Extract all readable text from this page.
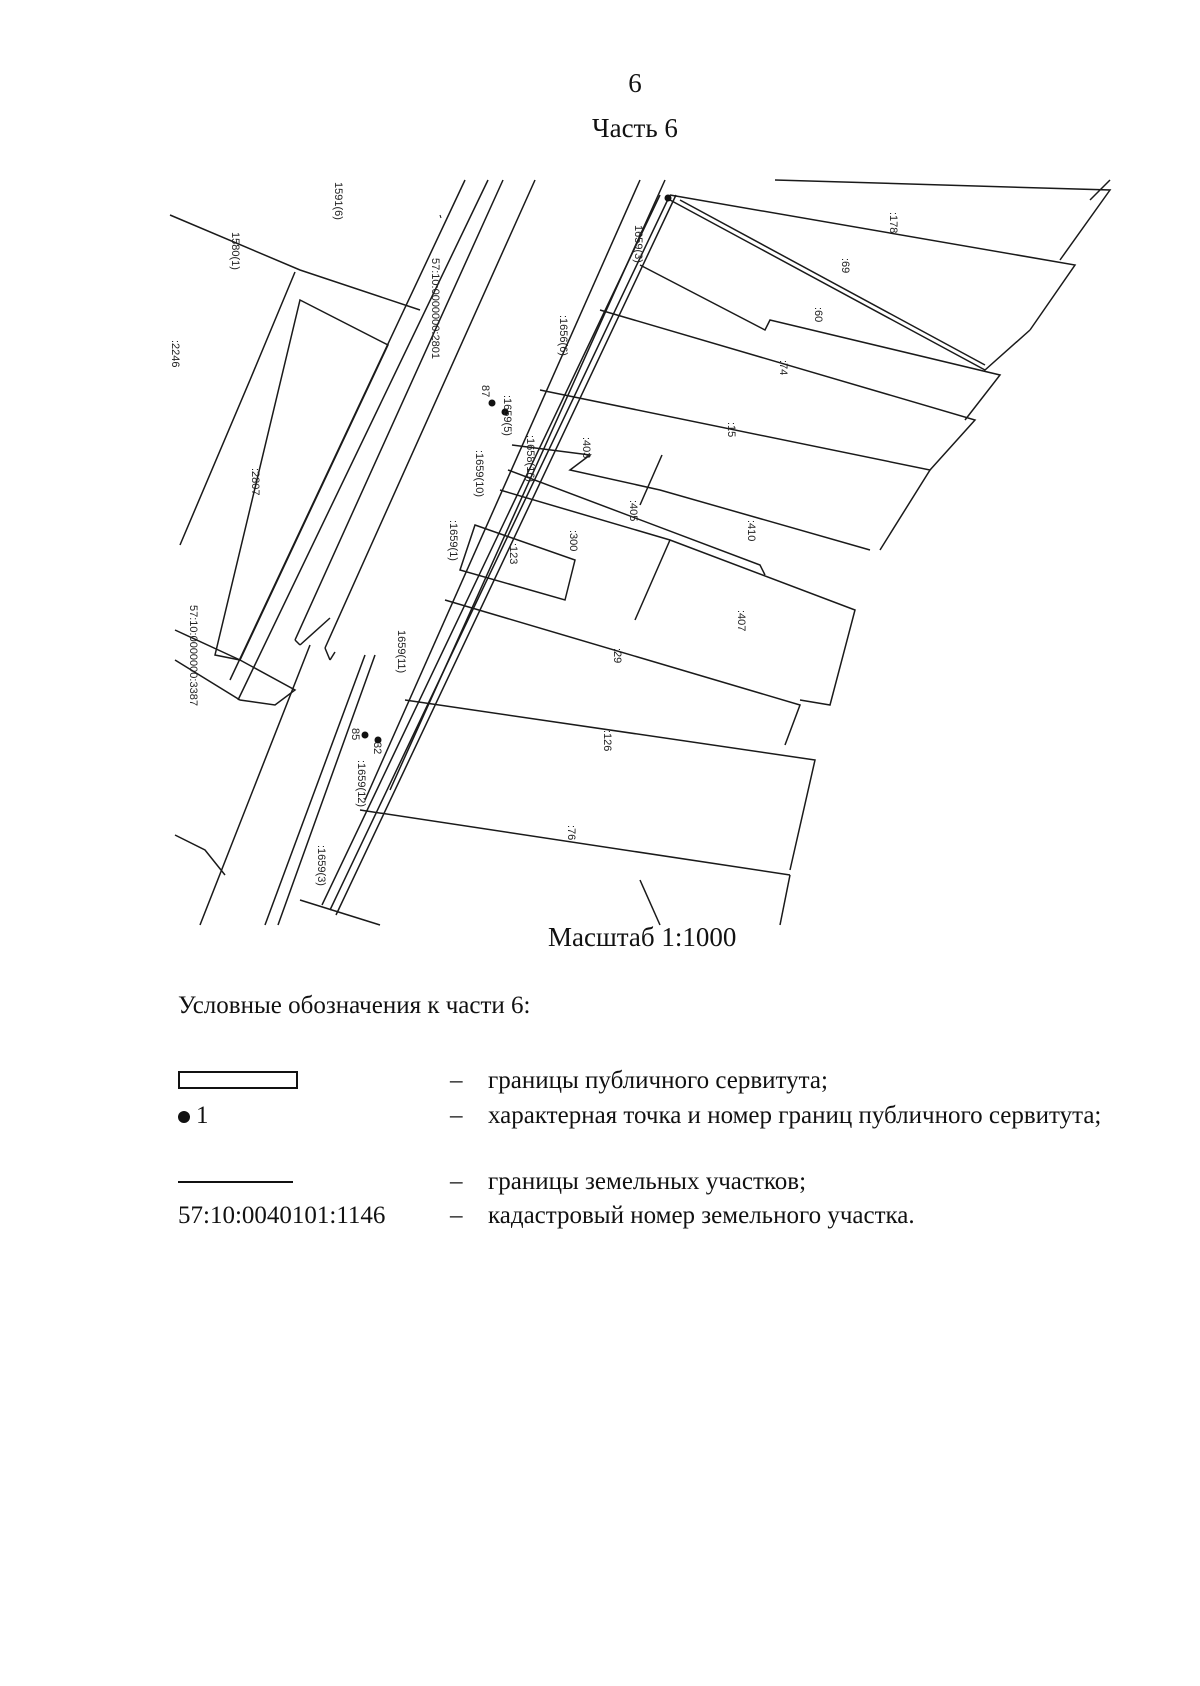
6
Часть 6
1591(6)
1580(1)
:2246
:2807
57:10:0000000:2801
57:10:0000000:3387
1659(3)
:1656(6)
:1659(5)
:1659(10)
:1659(1)
1659(11)
:1659(12)
:1659(3)
:1658(16)
87
32
85
:178
:69
:60
:74
:15
:403
:405
:410
:300
:123
:407
:29
:126
:76
Масштаб 1:1000
Условные обозначения к части 6:
– границы публичного сервитута;
1	– характерная точка и номер границ публичного сервитута;
– границы земельных участков;
57:10:0040101:1146	– кадастровый номер земельного участка.
